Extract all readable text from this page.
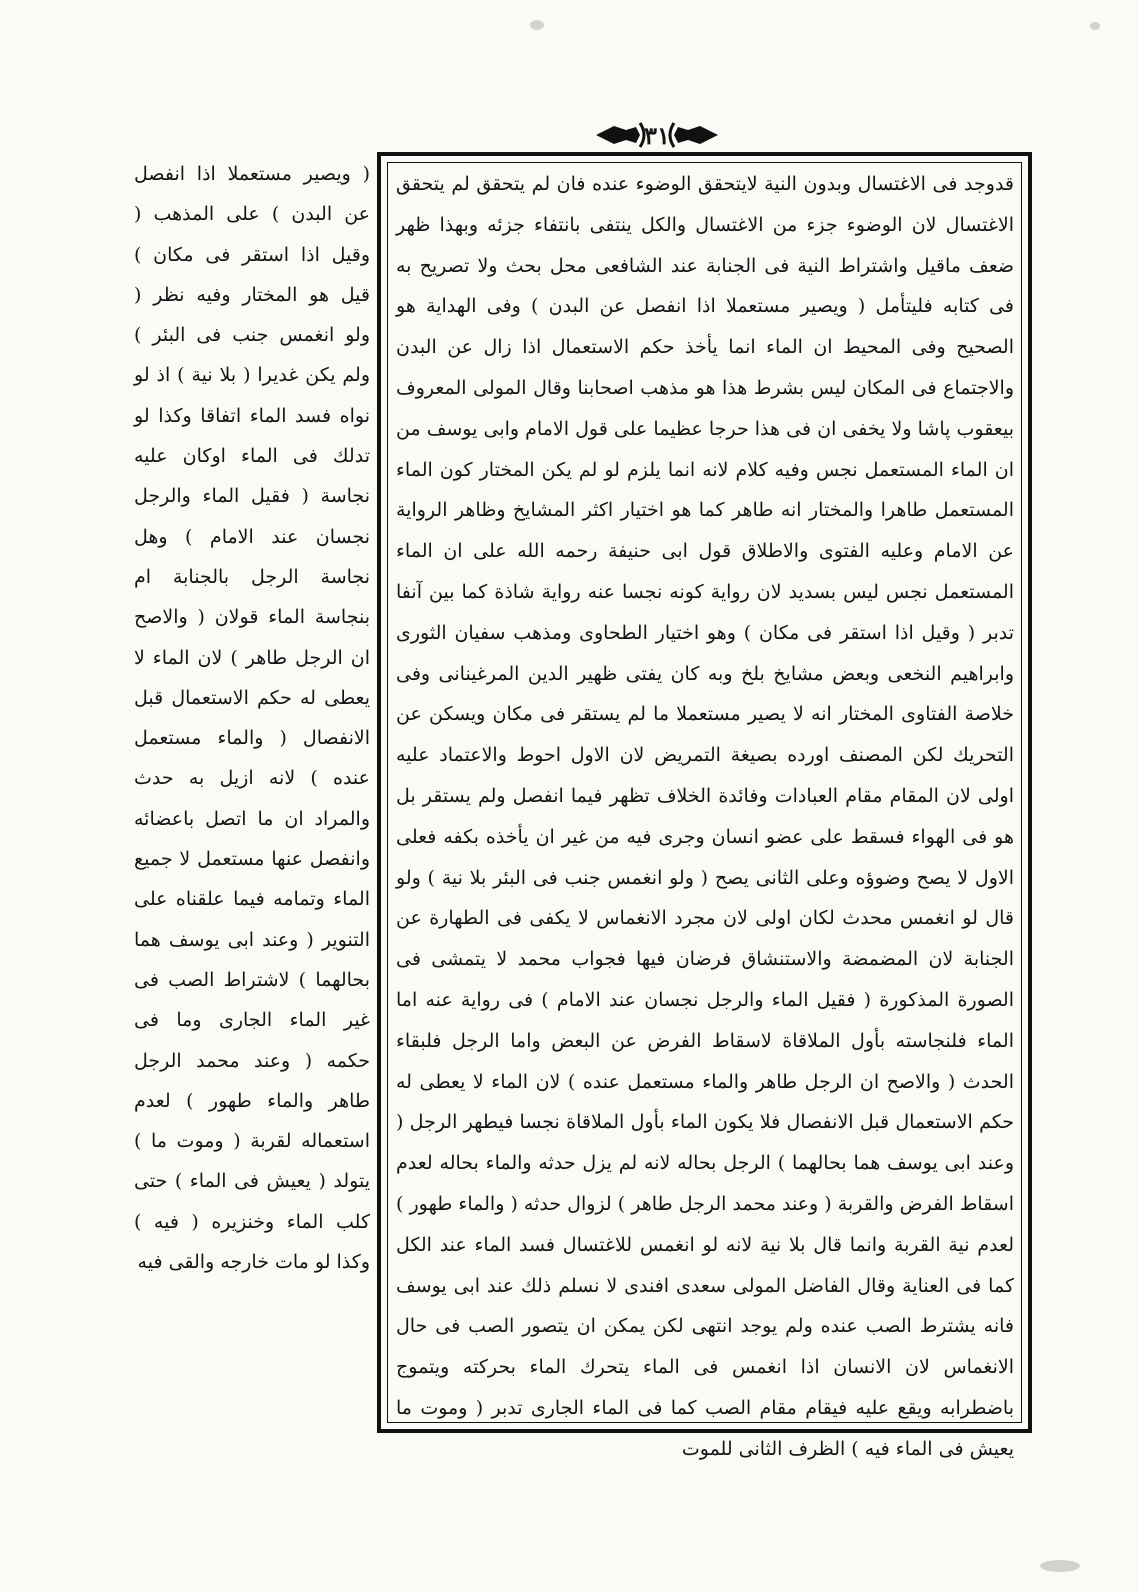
٣١

قدوجد فى الاغتسال وبدون النية لايتحقق الوضوء عنده فان لم يتحقق لم يتحقق الاغتسال لان الوضوء جزء من الاغتسال والكل ينتفى بانتفاء جزئه وبهذا ظهر ضعف ماقيل واشتراط النية فى الجنابة عند الشافعى محل بحث ولا تصريح به فى كتابه فليتأمل ( ويصير مستعملا اذا انفصل عن البدن ) وفى الهداية هو الصحيح وفى المحيط ان الماء انما يأخذ حكم الاستعمال اذا زال عن البدن والاجتماع فى المكان ليس بشرط هذا هو مذهب اصحابنا وقال المولى المعروف بيعقوب پاشا ولا يخفى ان فى هذا حرجا عظيما على قول الامام وابى يوسف من ان الماء المستعمل نجس وفيه كلام لانه انما يلزم لو لم يكن المختار كون الماء المستعمل طاهرا والمختار انه طاهر كما هو اختيار اكثر المشايخ وظاهر الرواية عن الامام وعليه الفتوى والاطلاق قول ابى حنيفة رحمه الله على ان الماء المستعمل نجس ليس بسديد لان رواية كونه نجسا عنه رواية شاذة كما بين آنفا تدبر ( وقيل اذا استقر فى مكان ) وهو اختيار الطحاوى ومذهب سفيان الثورى وابراهيم النخعى وبعض مشايخ بلخ وبه كان يفتى ظهير الدين المرغينانى وفى خلاصة الفتاوى المختار انه لا يصير مستعملا ما لم يستقر فى مكان ويسكن عن التحريك لكن المصنف اورده بصيغة التمريض لان الاول احوط والاعتماد عليه اولى لان المقام مقام العبادات وفائدة الخلاف تظهر فيما انفصل ولم يستقر بل هو فى الهواء فسقط على عضو انسان وجرى فيه من غير ان يأخذه بكفه فعلى الاول لا يصح وضوؤه وعلى الثانى يصح ( ولو انغمس جنب فى البئر بلا نية ) ولو قال لو انغمس محدث لكان اولى لان مجرد الانغماس لا يكفى فى الطهارة عن الجنابة لان المضمضة والاستنشاق فرضان فيها فجواب محمد لا يتمشى فى الصورة المذكورة ( فقيل الماء والرجل نجسان عند الامام ) فى رواية عنه اما الماء فلنجاسته بأول الملاقاة لاسقاط الفرض عن البعض واما الرجل فلبقاء الحدث ( والاصح ان الرجل طاهر والماء مستعمل عنده ) لان الماء لا يعطى له حكم الاستعمال قبل الانفصال فلا يكون الماء بأول الملاقاة نجسا فيطهر الرجل ( وعند ابى يوسف هما بحالهما ) الرجل بحاله لانه لم يزل حدثه والماء بحاله لعدم اسقاط الفرض والقربة ( وعند محمد الرجل طاهر ) لزوال حدثه ( والماء طهور ) لعدم نية القربة وانما قال بلا نية لانه لو انغمس للاغتسال فسد الماء عند الكل كما فى العناية وقال الفاضل المولى سعدى افندى لا نسلم ذلك عند ابى يوسف فانه يشترط الصب عنده ولم يوجد انتهى لكن يمكن ان يتصور الصب فى حال الانغماس لان الانسان اذا انغمس فى الماء يتحرك الماء بحركته ويتموج باضطرابه ويقع عليه فيقام مقام الصب كما فى الماء الجارى تدبر ( وموت ما يعيش فى الماء فيه ) الظرف الثانى للموت

( ويصير مستعملا اذا انفصل عن البدن ) على المذهب ( وقيل اذا استقر فى مكان ) قيل هو المختار وفيه نظر ( ولو انغمس جنب فى البئر ) ولم يكن غديرا ( بلا نية ) اذ لو نواه فسد الماء اتفاقا وكذا لو تدلك فى الماء اوكان عليه نجاسة ( فقيل الماء والرجل نجسان عند الامام ) وهل نجاسة الرجل بالجنابة ام بنجاسة الماء قولان ( والاصح ان الرجل طاهر ) لان الماء لا يعطى له حكم الاستعمال قبل الانفصال ( والماء مستعمل عنده ) لانه ازيل به حدث والمراد ان ما اتصل باعضائه وانفصل عنها مستعمل لا جميع الماء وتمامه فيما علقناه على التنوير ( وعند ابى يوسف هما بحالهما ) لاشتراط الصب فى غير الماء الجارى وما فى حكمه ( وعند محمد الرجل طاهر والماء طهور ) لعدم استعماله لقربة ( وموت ما ) يتولد ( يعيش فى الماء ) حتى كلب الماء وخنزيره ( فيه ) وكذا لو مات خارجه والقى فيه
